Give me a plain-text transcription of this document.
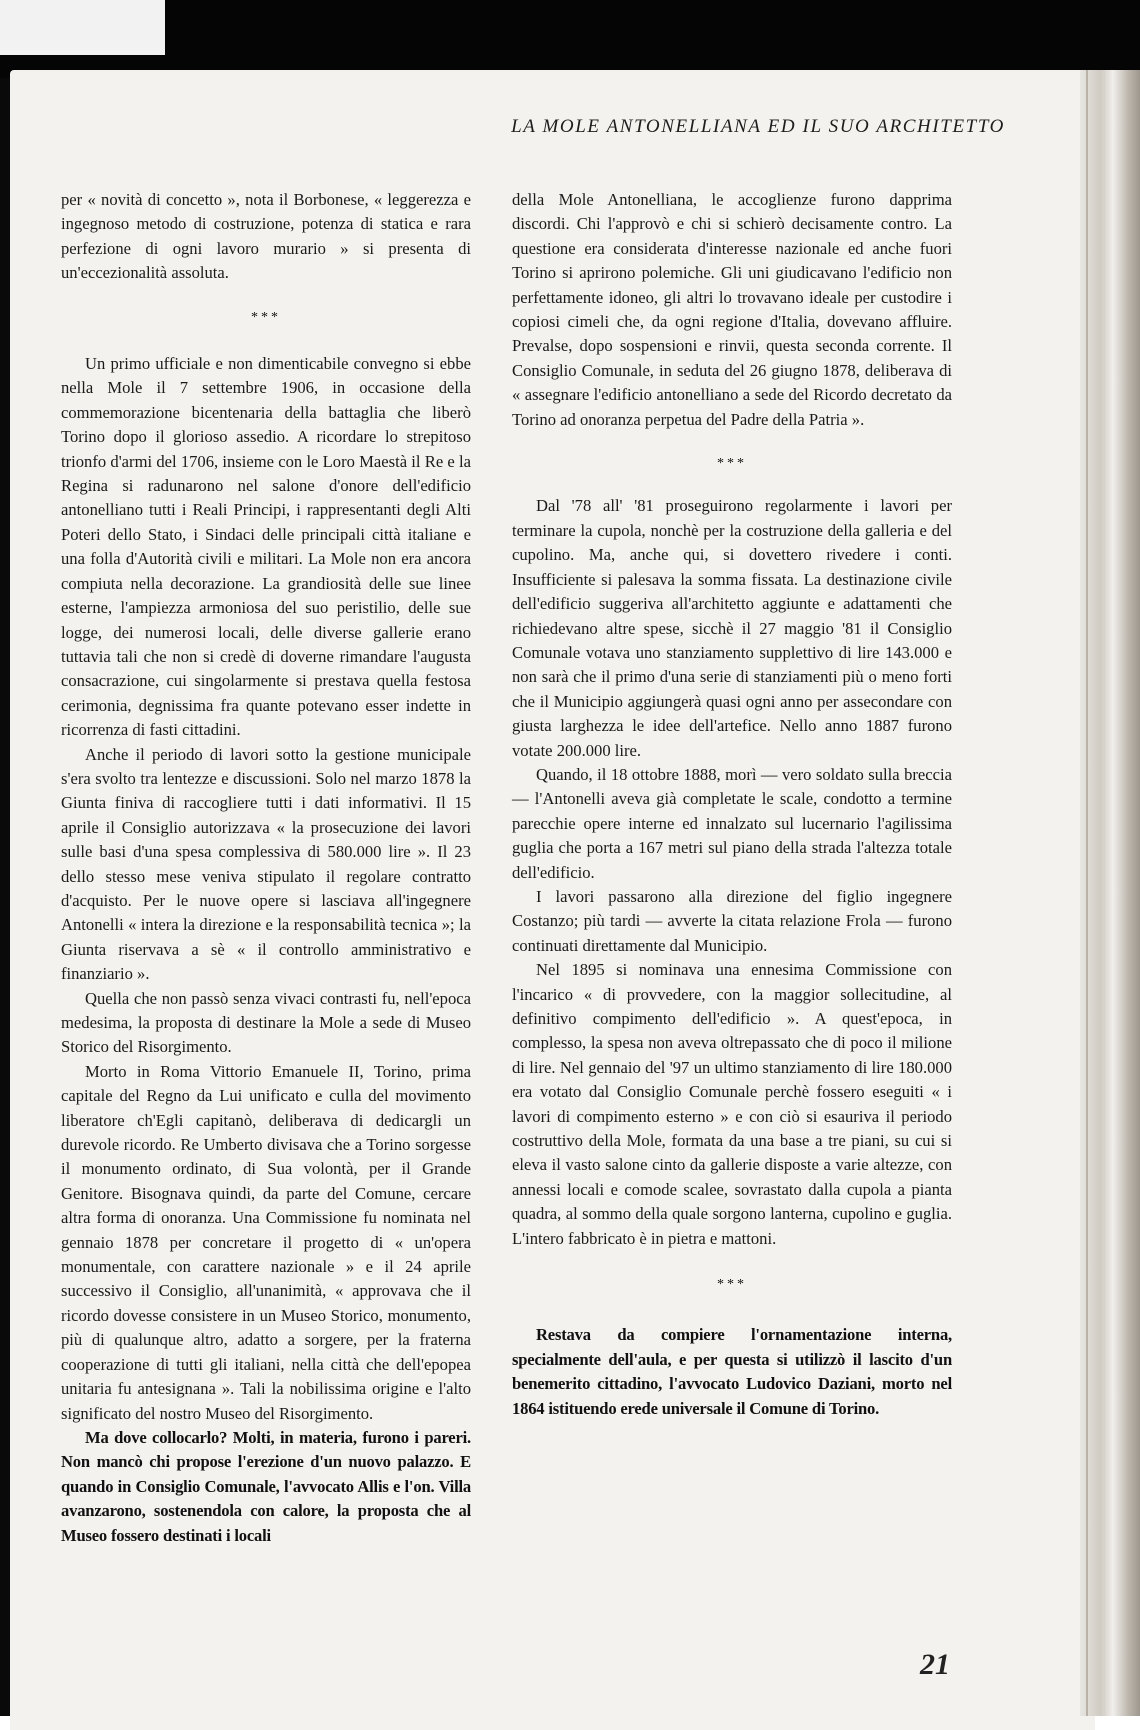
LA MOLE ANTONELLIANA ED IL SUO ARCHITETTO

per « novità di concetto », nota il Borbonese, « leggerezza e ingegnoso metodo di costruzione, potenza di statica e rara perfezione di ogni lavoro murario » si presenta di un'eccezionalità assoluta.

***

Un primo ufficiale e non dimenticabile convegno si ebbe nella Mole il 7 settembre 1906, in occasione della commemorazione bicentenaria della battaglia che liberò Torino dopo il glorioso assedio. A ricordare lo strepitoso trionfo d'armi del 1706, insieme con le Loro Maestà il Re e la Regina si radunarono nel salone d'onore dell'edificio antonelliano tutti i Reali Principi, i rappresentanti degli Alti Poteri dello Stato, i Sindaci delle principali città italiane e una folla d'Autorità civili e militari. La Mole non era ancora compiuta nella decorazione. La grandiosità delle sue linee esterne, l'ampiezza armoniosa del suo peristilio, delle sue logge, dei numerosi locali, delle diverse gallerie erano tuttavia tali che non si credè di doverne rimandare l'augusta consacrazione, cui singolarmente si prestava quella festosa cerimonia, degnissima fra quante potevano esser indette in ricorrenza di fasti cittadini.

Anche il periodo di lavori sotto la gestione municipale s'era svolto tra lentezze e discussioni. Solo nel marzo 1878 la Giunta finiva di raccogliere tutti i dati informativi. Il 15 aprile il Consiglio autorizzava « la prosecuzione dei lavori sulle basi d'una spesa complessiva di 580.000 lire ». Il 23 dello stesso mese veniva stipulato il regolare contratto d'acquisto. Per le nuove opere si lasciava all'ingegnere Antonelli « intera la direzione e la responsabilità tecnica »; la Giunta riservava a sè « il controllo amministrativo e finanziario ».

Quella che non passò senza vivaci contrasti fu, nell'epoca medesima, la proposta di destinare la Mole a sede di Museo Storico del Risorgimento.

Morto in Roma Vittorio Emanuele II, Torino, prima capitale del Regno da Lui unificato e culla del movimento liberatore ch'Egli capitanò, deliberava di dedicargli un durevole ricordo. Re Umberto divisava che a Torino sorgesse il monumento ordinato, di Sua volontà, per il Grande Genitore. Bisognava quindi, da parte del Comune, cercare altra forma di onoranza. Una Commissione fu nominata nel gennaio 1878 per concretare il progetto di « un'opera monumentale, con carattere nazionale » e il 24 aprile successivo il Consiglio, all'unanimità, « approvava che il ricordo dovesse consistere in un Museo Storico, monumento, più di qualunque altro, adatto a sorgere, per la fraterna cooperazione di tutti gli italiani, nella città che dell'epopea unitaria fu antesignana ». Tali la nobilissima origine e l'alto significato del nostro Museo del Risorgimento.

Ma dove collocarlo? Molti, in materia, furono i pareri. Non mancò chi propose l'erezione d'un nuovo palazzo. E quando in Consiglio Comunale, l'avvocato Allis e l'on. Villa avanzarono, sostenendola con calore, la proposta che al Museo fossero destinati i locali

della Mole Antonelliana, le accoglienze furono dapprima discordi. Chi l'approvò e chi si schierò decisamente contro. La questione era considerata d'interesse nazionale ed anche fuori Torino si aprirono polemiche. Gli uni giudicavano l'edificio non perfettamente idoneo, gli altri lo trovavano ideale per custodire i copiosi cimeli che, da ogni regione d'Italia, dovevano affluire. Prevalse, dopo sospensioni e rinvii, questa seconda corrente. Il Consiglio Comunale, in seduta del 26 giugno 1878, deliberava di « assegnare l'edificio antonelliano a sede del Ricordo decretato da Torino ad onoranza perpetua del Padre della Patria ».

***

Dal '78 all' '81 proseguirono regolarmente i lavori per terminare la cupola, nonchè per la costruzione della galleria e del cupolino. Ma, anche qui, si dovettero rivedere i conti. Insufficiente si palesava la somma fissata. La destinazione civile dell'edificio suggeriva all'architetto aggiunte e adattamenti che richiedevano altre spese, sicchè il 27 maggio '81 il Consiglio Comunale votava uno stanziamento supplettivo di lire 143.000 e non sarà che il primo d'una serie di stanziamenti più o meno forti che il Municipio aggiungerà quasi ogni anno per assecondare con giusta larghezza le idee dell'artefice. Nello anno 1887 furono votate 200.000 lire.

Quando, il 18 ottobre 1888, morì — vero soldato sulla breccia — l'Antonelli aveva già completate le scale, condotto a termine parecchie opere interne ed innalzato sul lucernario l'agilissima guglia che porta a 167 metri sul piano della strada l'altezza totale dell'edificio.

I lavori passarono alla direzione del figlio ingegnere Costanzo; più tardi — avverte la citata relazione Frola — furono continuati direttamente dal Municipio.

Nel 1895 si nominava una ennesima Commissione con l'incarico « di provvedere, con la maggior sollecitudine, al definitivo compimento dell'edificio ». A quest'epoca, in complesso, la spesa non aveva oltrepassato che di poco il milione di lire. Nel gennaio del '97 un ultimo stanziamento di lire 180.000 era votato dal Consiglio Comunale perchè fossero eseguiti « i lavori di compimento esterno » e con ciò si esauriva il periodo costruttivo della Mole, formata da una base a tre piani, su cui si eleva il vasto salone cinto da gallerie disposte a varie altezze, con annessi locali e comode scalee, sovrastato dalla cupola a pianta quadra, al sommo della quale sorgono lanterna, cupolino e guglia. L'intero fabbricato è in pietra e mattoni.

***

Restava da compiere l'ornamentazione interna, specialmente dell'aula, e per questa si utilizzò il lascito d'un benemerito cittadino, l'avvocato Ludovico Daziani, morto nel 1864 istituendo erede universale il Comune di Torino.

21
